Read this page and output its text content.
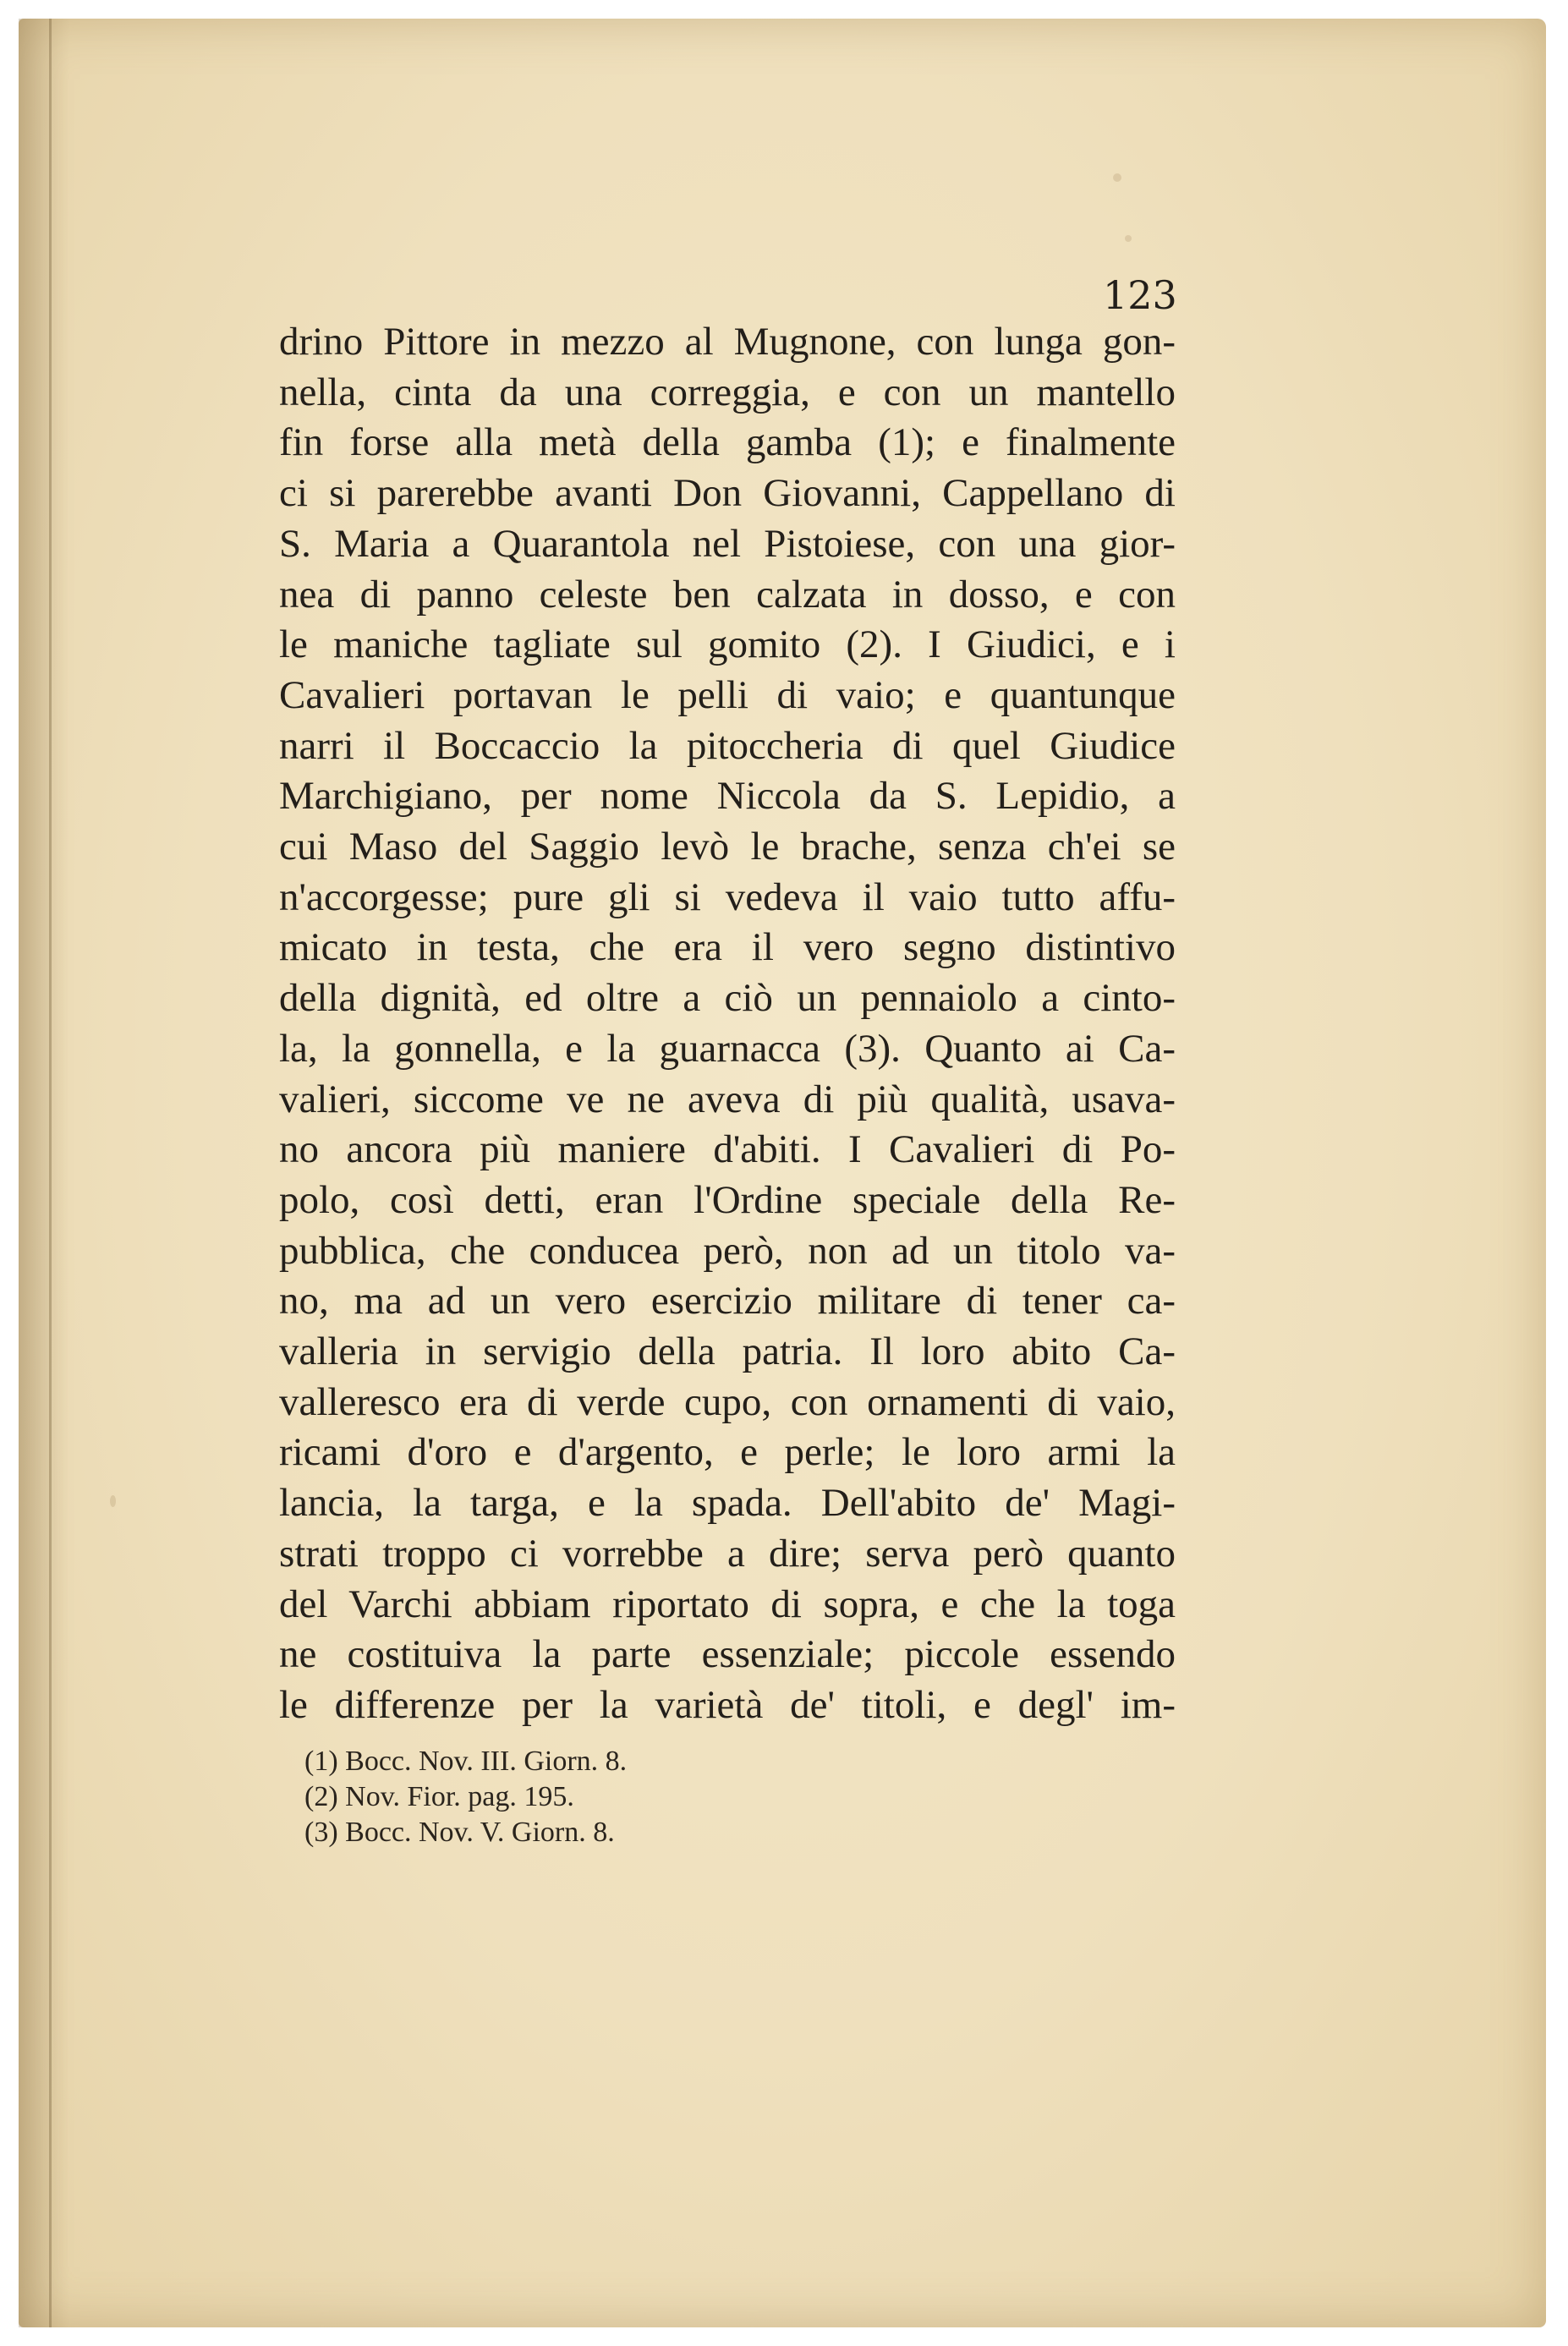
123
drino Pittore in mezzo al Mugnone, con lunga gon-
nella, cinta da una correggia, e con un mantello
fin forse alla metà della gamba (1); e finalmente
ci si parerebbe avanti Don Giovanni, Cappellano di
S. Maria a Quarantola nel Pistoiese, con una gior-
nea di panno celeste ben calzata in dosso, e con
le maniche tagliate sul gomito (2). I Giudici, e i
Cavalieri portavan le pelli di vaio; e quantunque
narri il Boccaccio la pitoccheria di quel Giudice
Marchigiano, per nome Niccola da S. Lepidio, a
cui Maso del Saggio levò le brache, senza ch'ei se
n'accorgesse; pure gli si vedeva il vaio tutto affu-
micato in testa, che era il vero segno distintivo
della dignità, ed oltre a ciò un pennaiolo a cinto-
la, la gonnella, e la guarnacca (3). Quanto ai Ca-
valieri, siccome ve ne aveva di più qualità, usava-
no ancora più maniere d'abiti. I Cavalieri di Po-
polo, così detti, eran l'Ordine speciale della Re-
pubblica, che conducea però, non ad un titolo va-
no, ma ad un vero esercizio militare di tener ca-
valleria in servigio della patria. Il loro abito Ca-
valleresco era di verde cupo, con ornamenti di vaio,
ricami d'oro e d'argento, e perle; le loro armi la
lancia, la targa, e la spada. Dell'abito de' Magi-
strati troppo ci vorrebbe a dire; serva però quanto
del Varchi abbiam riportato di sopra, e che la toga
ne costituiva la parte essenziale; piccole essendo
le differenze per la varietà de' titoli, e degl' im-
(1) Bocc. Nov. III. Giorn. 8.
(2) Nov. Fior. pag. 195.
(3) Bocc. Nov. V. Giorn. 8.
